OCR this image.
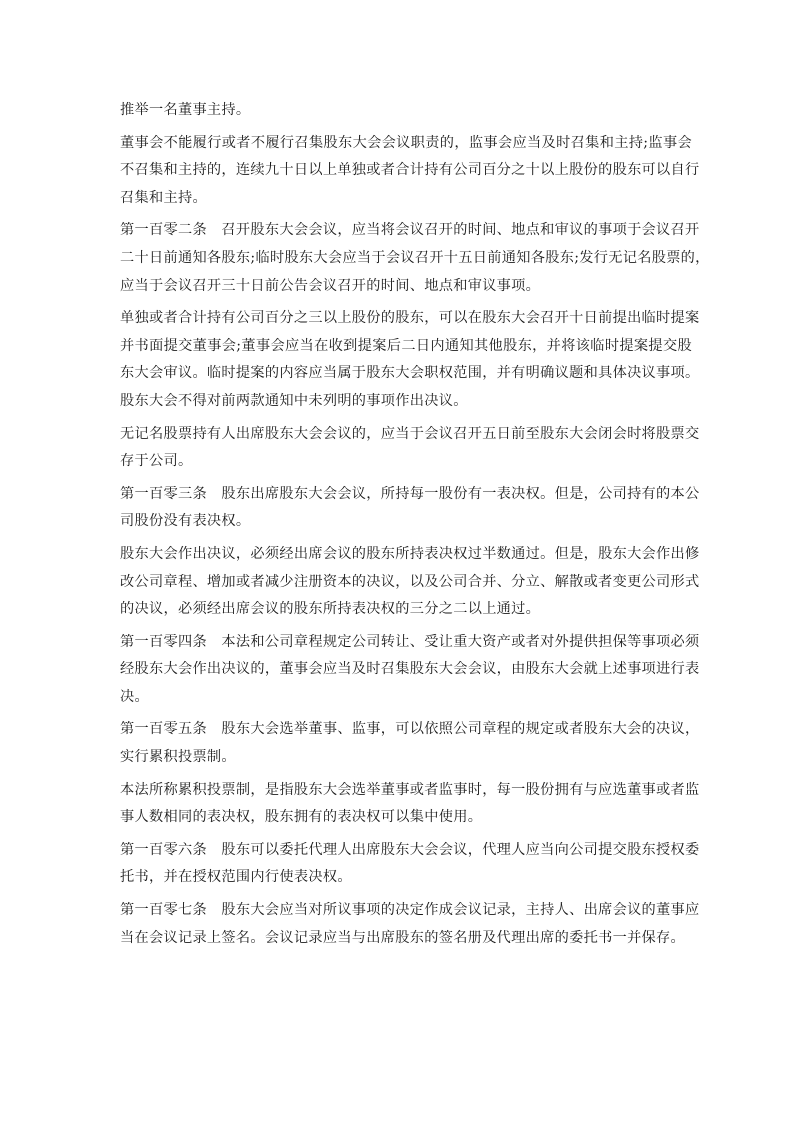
推举一名董事主持。

董事会不能履行或者不履行召集股东大会会议职责的，监事会应当及时召集和主持;监事会
不召集和主持的，连续九十日以上单独或者合计持有公司百分之十以上股份的股东可以自行
召集和主持。

第一百零二条　召开股东大会会议，应当将会议召开的时间、地点和审议的事项于会议召开
二十日前通知各股东;临时股东大会应当于会议召开十五日前通知各股东;发行无记名股票的，
应当于会议召开三十日前公告会议召开的时间、地点和审议事项。

单独或者合计持有公司百分之三以上股份的股东，可以在股东大会召开十日前提出临时提案
并书面提交董事会;董事会应当在收到提案后二日内通知其他股东，并将该临时提案提交股
东大会审议。临时提案的内容应当属于股东大会职权范围，并有明确议题和具体决议事项。
股东大会不得对前两款通知中未列明的事项作出决议。

无记名股票持有人出席股东大会会议的，应当于会议召开五日前至股东大会闭会时将股票交
存于公司。

第一百零三条　股东出席股东大会会议，所持每一股份有一表决权。但是，公司持有的本公
司股份没有表决权。

股东大会作出决议，必须经出席会议的股东所持表决权过半数通过。但是，股东大会作出修
改公司章程、增加或者减少注册资本的决议，以及公司合并、分立、解散或者变更公司形式
的决议，必须经出席会议的股东所持表决权的三分之二以上通过。

第一百零四条　本法和公司章程规定公司转让、受让重大资产或者对外提供担保等事项必须
经股东大会作出决议的，董事会应当及时召集股东大会会议，由股东大会就上述事项进行表
决。

第一百零五条　股东大会选举董事、监事，可以依照公司章程的规定或者股东大会的决议，
实行累积投票制。

本法所称累积投票制，是指股东大会选举董事或者监事时，每一股份拥有与应选董事或者监
事人数相同的表决权，股东拥有的表决权可以集中使用。

第一百零六条　股东可以委托代理人出席股东大会会议，代理人应当向公司提交股东授权委
托书，并在授权范围内行使表决权。

第一百零七条　股东大会应当对所议事项的决定作成会议记录，主持人、出席会议的董事应
当在会议记录上签名。会议记录应当与出席股东的签名册及代理出席的委托书一并保存。
